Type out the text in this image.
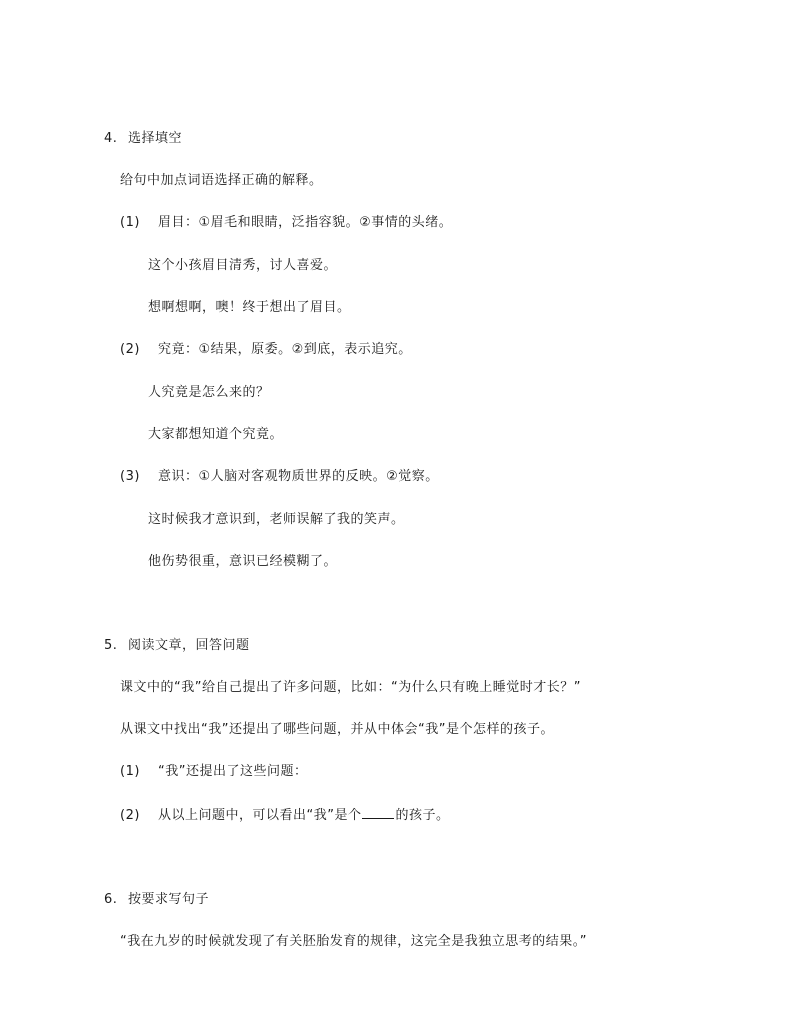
4. 选择填空
给句中加点词语选择正确的解释。
(1) 眉目：①眉毛和眼睛，泛指容貌。②事情的头绪。
这个小孩眉目清秀，讨人喜爱。
想啊想啊，噢！终于想出了眉目。
(2) 究竟：①结果，原委。②到底，表示追究。
人究竟是怎么来的？
大家都想知道个究竟。
(3) 意识：①人脑对客观物质世界的反映。②觉察。
这时候我才意识到，老师误解了我的笑声。
他伤势很重，意识已经模糊了。
5. 阅读文章，回答问题
课文中的“我”给自己提出了许多问题，比如：“为什么只有晚上睡觉时才长？”
从课文中找出“我”还提出了哪些问题，并从中体会“我”是个怎样的孩子。
(1) “我”还提出了这些问题：
(2) 从以上问题中，可以看出“我”是个	的孩子。
6. 按要求写句子
“我在九岁的时候就发现了有关胚胎发育的规律，这完全是我独立思考的结果。”
